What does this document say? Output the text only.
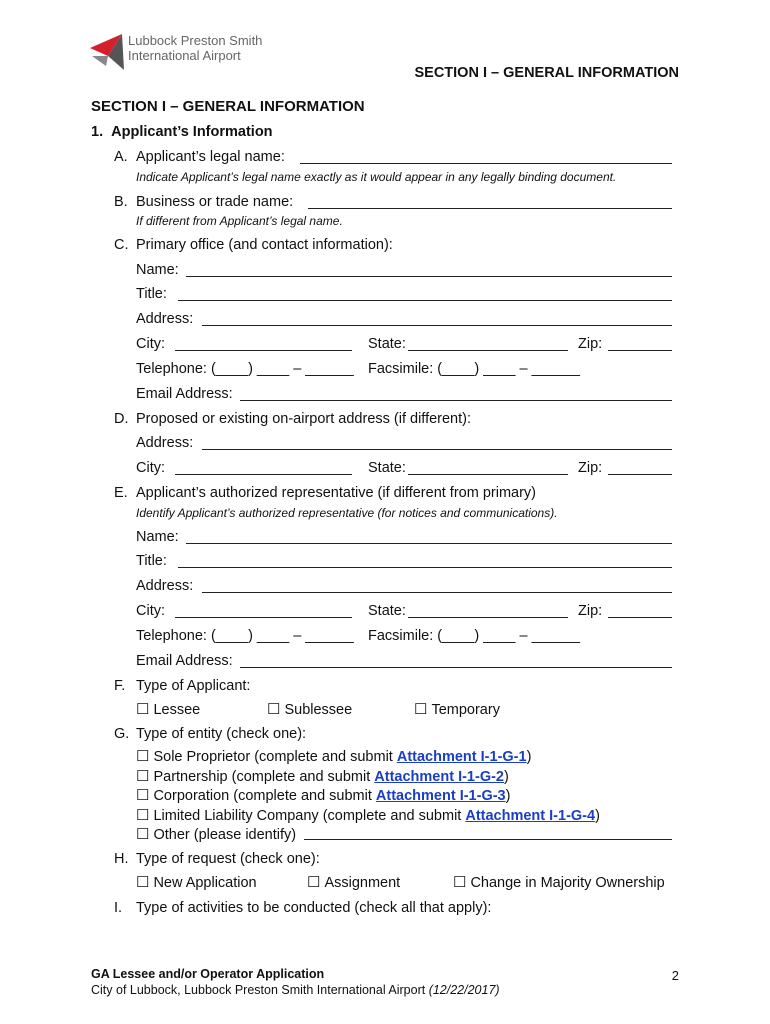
Lubbock Preston Smith
International Airport
SECTION I – GENERAL INFORMATION
SECTION I – GENERAL INFORMATION
1.  Applicant’s Information
A. Applicant’s legal name:
Indicate Applicant’s legal name exactly as it would appear in any legally binding document.
B. Business or trade name:
If different from Applicant’s legal name.
C. Primary office (and contact information):
Name:
Title:
Address:
City:	State:	Zip:
Telephone: (____) ____ – ______ Facsimile: (____) ____ – ______
Email Address:
D. Proposed or existing on-airport address (if different):
Address:
City:	State:	Zip:
E. Applicant’s authorized representative (if different from primary)
Identify Applicant’s authorized representative (for notices and communications).
Name:
Title:
Address:
City:	State:	Zip:
Telephone: (____) ____ – ______ Facsimile: (____) ____ – ______
Email Address:
F. Type of Applicant:
☐ Lessee	☐ Sublessee	☐ Temporary
G. Type of entity (check one):
☐ Sole Proprietor (complete and submit Attachment I-1-G-1)
☐ Partnership (complete and submit Attachment I-1-G-2)
☐ Corporation (complete and submit Attachment I-1-G-3)
☐ Limited Liability Company (complete and submit Attachment I-1-G-4)
☐ Other (please identify)
H. Type of request (check one):
☐ New Application	☐ Assignment	☐ Change in Majority Ownership
I. Type of activities to be conducted (check all that apply):
GA Lessee and/or Operator Application
City of Lubbock, Lubbock Preston Smith International Airport (12/22/2017)
2
